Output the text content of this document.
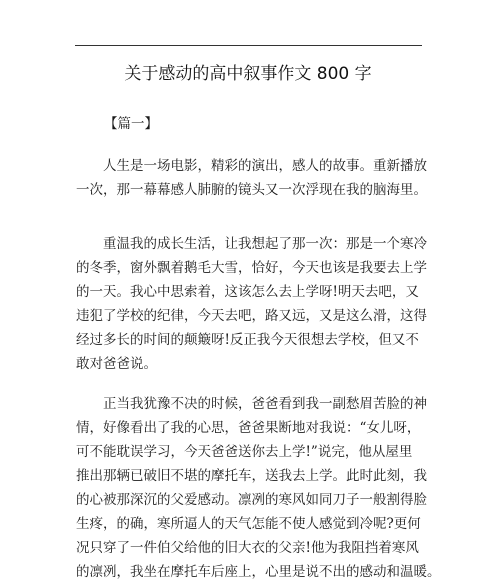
关于感动的高中叙事作文 800 字
【篇一】

人生是一场电影，精彩的演出，感人的故事。重新播放
一次，那一幕幕感人肺腑的镜头又一次浮现在我的脑海里。

重温我的成长生活，让我想起了那一次：那是一个寒冷
的冬季，窗外飘着鹅毛大雪，恰好，今天也该是我要去上学
的一天。我心中思索着，这该怎么去上学呀!明天去吧，又
违犯了学校的纪律，今天去吧，路又远，又是这么滑，这得
经过多长的时间的颠簸呀!反正我今天很想去学校，但又不
敢对爸爸说。

正当我犹豫不决的时候，爸爸看到我一副愁眉苦脸的神
情，好像看出了我的心思，爸爸果断地对我说：“女儿呀，
可不能耽误学习，今天爸爸送你去上学!”说完，他从屋里
推出那辆已破旧不堪的摩托车，送我去上学。此时此刻，我
的心被那深沉的父爱感动。凛冽的寒风如同刀子一般割得脸
生疼，的确，寒所逼人的天气怎能不使人感觉到冷呢?更何
况只穿了一件伯父给他的旧大衣的父亲!他为我阻挡着寒风
的凛冽，我坐在摩托车后座上，心里是说不出的感动和温暖。
